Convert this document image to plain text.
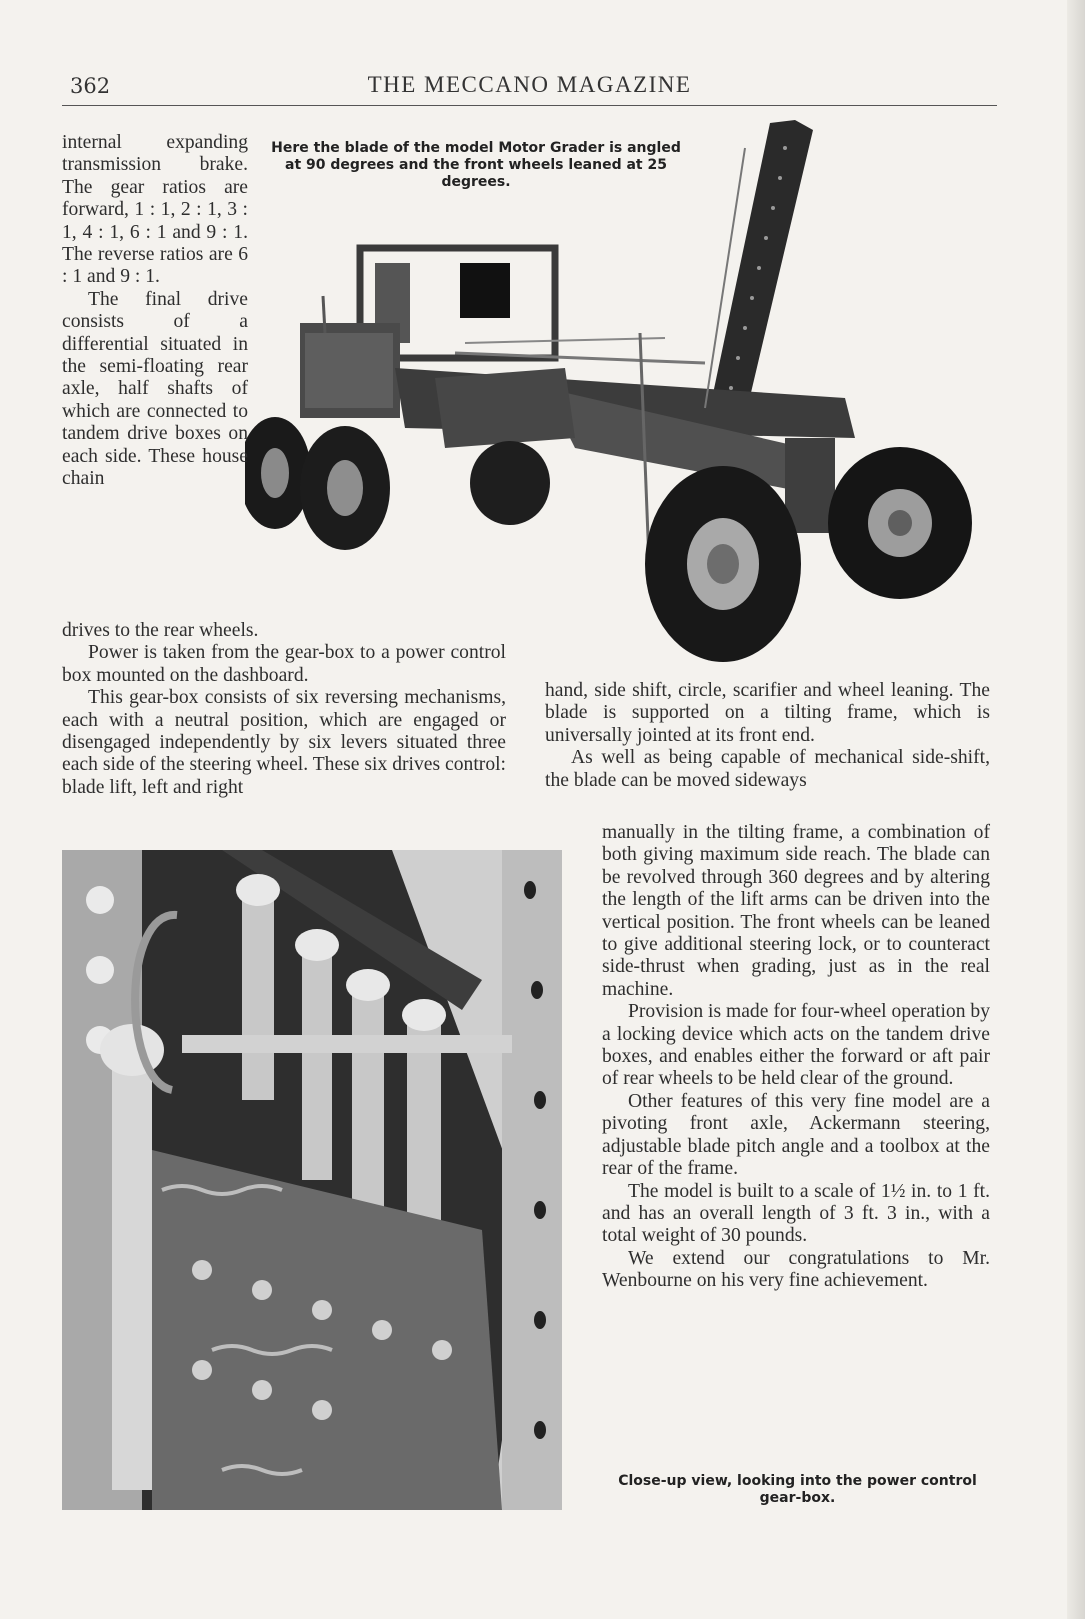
362	THE MECCANO MAGAZINE
Here the blade of the model Motor Grader is angled at 90 degrees and the front wheels leaned at 25 degrees.

internal expanding transmission brake. The gear ratios are forward, 1 : 1, 2 : 1, 3 : 1, 4 : 1, 6 : 1 and 9 : 1. The reverse ratios are 6 : 1 and 9 : 1.

The final drive consists of a differential situated in the semi-floating rear axle, half shafts of which are connected to tandem drive boxes on each side. These house chain

drives to the rear wheels.

Power is taken from the gear-box to a power control box mounted on the dashboard.

This gear-box consists of six reversing mechanisms, each with a neutral position, which are engaged or disengaged independently by six levers situated three each side of the steering wheel. These six drives control: blade lift, left and right

hand, side shift, circle, scarifier and wheel leaning. The blade is supported on a tilting frame, which is universally jointed at its front end.

As well as being capable of mechanical side-shift, the blade can be moved sideways

manually in the tilting frame, a combination of both giving maximum side reach. The blade can be revolved through 360 degrees and by altering the length of the lift arms can be driven into the vertical position. The front wheels can be leaned to give additional steering lock, or to counteract side-thrust when grading, just as in the real machine.

Provision is made for four-wheel operation by a locking device which acts on the tandem drive boxes, and enables either the forward or aft pair of rear wheels to be held clear of the ground.

Other features of this very fine model are a pivoting front axle, Ackermann steering, adjustable blade pitch angle and a toolbox at the rear of the frame.

The model is built to a scale of 1½ in. to 1 ft. and has an overall length of 3 ft. 3 in., with a total weight of 30 pounds.

We extend our congratulations to Mr. Wenbourne on his very fine achievement.

Close-up view, looking into the power control gear-box.
